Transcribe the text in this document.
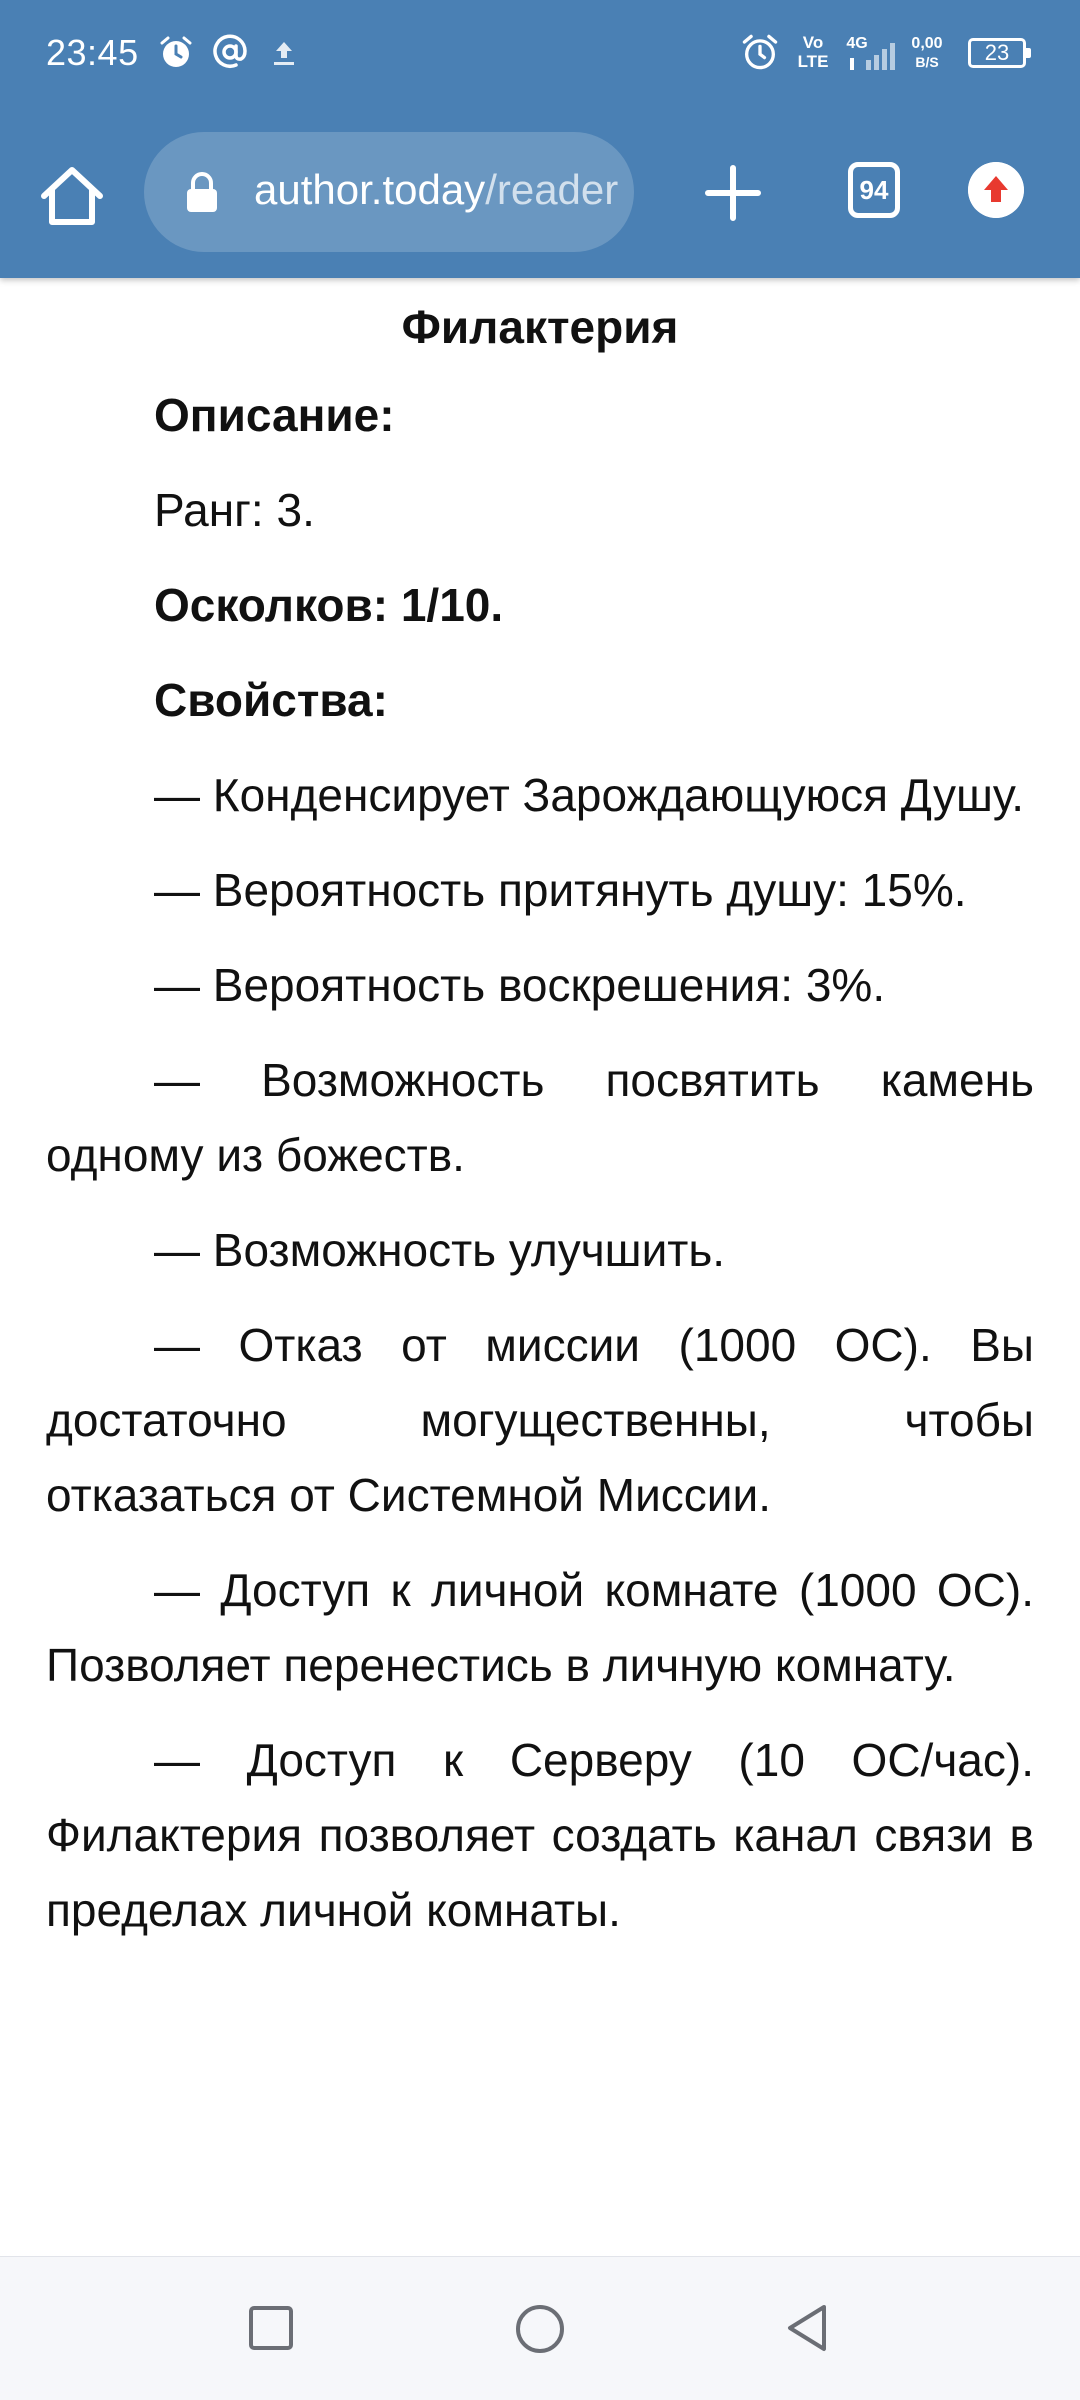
23:45	Vo
LTE
4G	0,00
B/S	23
author.today/reader	94
Филактерия

Описание:

Ранг: 3.

Осколков: 1/10.

Свойства:

— Конденсирует Зарождающуюся Душу.

— Вероятность притянуть душу: 15%.

— Вероятность воскрешения: 3%.

— Возможность посвятить камень одному из божеств.

— Возможность улучшить.

— Отказ от миссии (1000 ОС). Вы достаточно могущественны, чтобы отказаться от Системной Миссии.

— Доступ к личной комнате (1000 ОС). Позволяет перенестись в личную комнату.

— Доступ к Серверу (10 ОС/час). Филактерия позволяет создать канал связи в пределах личной комнаты.
